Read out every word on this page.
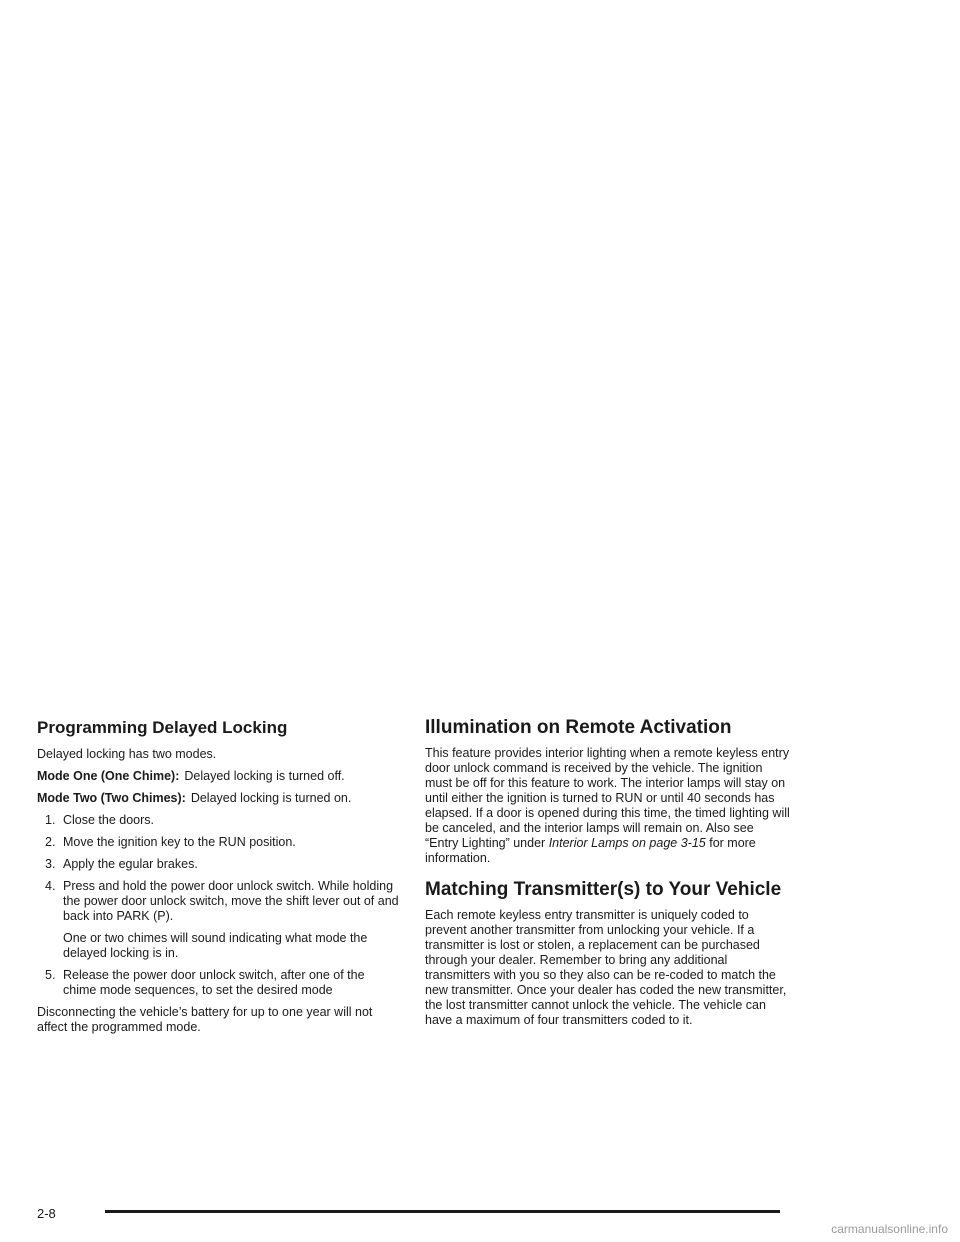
Programming Delayed Locking

Delayed locking has two modes.

Mode One (One Chime): Delayed locking is turned off.

Mode Two (Two Chimes): Delayed locking is turned on.

1. Close the doors.
2. Move the ignition key to the RUN position.
3. Apply the egular brakes.
4. Press and hold the power door unlock switch. While holding the power door unlock switch, move the shift lever out of and back into PARK (P).

One or two chimes will sound indicating what mode the delayed locking is in.

5. Release the power door unlock switch, after one of the chime mode sequences, to set the desired mode

Disconnecting the vehicle’s battery for up to one year will not affect the programmed mode.

Illumination on Remote Activation

This feature provides interior lighting when a remote keyless entry door unlock command is received by the vehicle. The ignition must be off for this feature to work. The interior lamps will stay on until either the ignition is turned to RUN or until 40 seconds has elapsed. If a door is opened during this time, the timed lighting will be canceled, and the interior lamps will remain on. Also see “Entry Lighting” under Interior Lamps on page 3-15 for more information.

Matching Transmitter(s) to Your Vehicle

Each remote keyless entry transmitter is uniquely coded to prevent another transmitter from unlocking your vehicle. If a transmitter is lost or stolen, a replacement can be purchased through your dealer. Remember to bring any additional transmitters with you so they also can be re-coded to match the new transmitter. Once your dealer has coded the new transmitter, the lost transmitter cannot unlock the vehicle. The vehicle can have a maximum of four transmitters coded to it.

2-8
carmanualsonline.info
